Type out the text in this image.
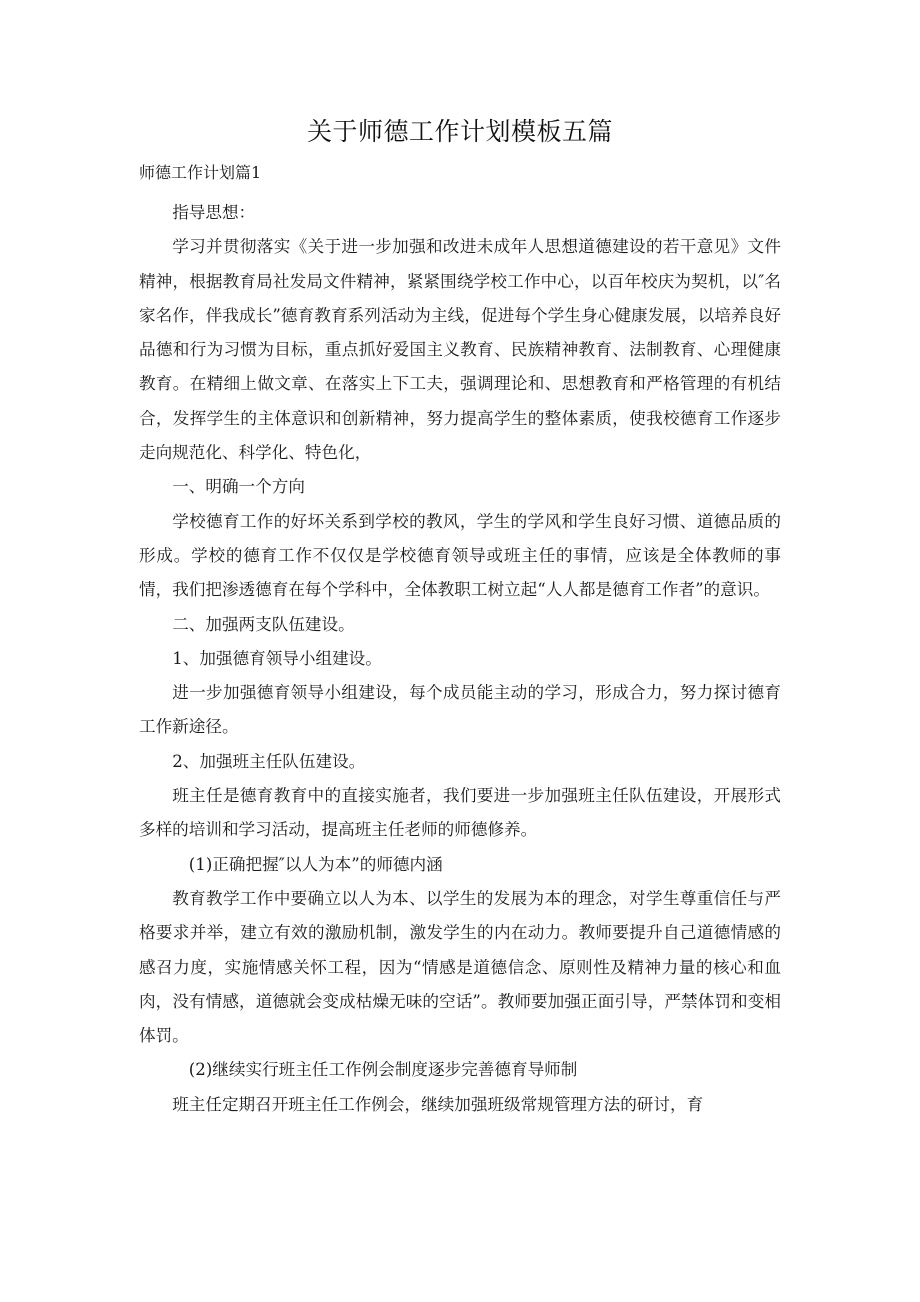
关于师德工作计划模板五篇
师德工作计划篇1

指导思想：

学习并贯彻落实《关于进一步加强和改进未成年人思想道德建设的若干意见》文件精神，根据教育局社发局文件精神，紧紧围绕学校工作中心，以百年校庆为契机，以″名家名作，伴我成长”德育教育系列活动为主线，促进每个学生身心健康发展，以培养良好品德和行为习惯为目标，重点抓好爱国主义教育、民族精神教育、法制教育、心理健康教育。在精细上做文章、在落实上下工夫，强调理论和、思想教育和严格管理的有机结合，发挥学生的主体意识和创新精神，努力提高学生的整体素质，使我校德育工作逐步走向规范化、科学化、特色化，

一、明确一个方向

学校德育工作的好坏关系到学校的教风，学生的学风和学生良好习惯、道德品质的形成。学校的德育工作不仅仅是学校德育领导或班主任的事情，应该是全体教师的事情，我们把渗透德育在每个学科中，全体教职工树立起“人人都是德育工作者”的意识。

二、加强两支队伍建设。

1、加强德育领导小组建设。

进一步加强德育领导小组建设，每个成员能主动的学习，形成合力，努力探讨德育工作新途径。

2、加强班主任队伍建设。

班主任是德育教育中的直接实施者，我们要进一步加强班主任队伍建设，开展形式多样的培训和学习活动，提高班主任老师的师德修养。

(1)正确把握″以人为本”的师德内涵

教育教学工作中要确立以人为本、以学生的发展为本的理念，对学生尊重信任与严格要求并举，建立有效的激励机制，激发学生的内在动力。教师要提升自己道德情感的感召力度，实施情感关怀工程，因为“情感是道德信念、原则性及精神力量的核心和血肉，没有情感，道德就会变成枯燥无味的空话”。教师要加强正面引导，严禁体罚和变相体罚。

(2)继续实行班主任工作例会制度逐步完善德育导师制

班主任定期召开班主任工作例会，继续加强班级常规管理方法的研讨，育
